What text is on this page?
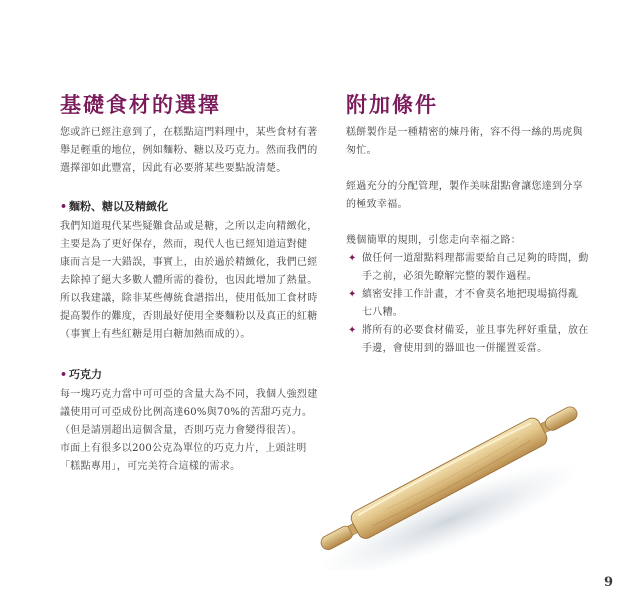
基礎食材的選擇

您或許已經注意到了，在糕點這門料理中，某些食材有著

舉足輕重的地位，例如麵粉、糖以及巧克力。然而我們的

選擇卻如此豐富，因此有必要將某些要點說清楚。

• 麵粉、糖以及精緻化

我們知道現代某些疑難食品或是糖，之所以走向精緻化，

主要是為了更好保存，然而，現代人也已經知道這對健

康而言是一大錯誤，事實上，由於過於精緻化，我們已經

去除掉了絕大多數人體所需的養份，也因此增加了熱量。

所以我建議，除非某些傳統食譜指出，使用低加工食材時

提高製作的難度，否則最好使用全麥麵粉以及真正的紅糖

（事實上有些紅糖是用白糖加熱而成的）。

• 巧克力

每一塊巧克力當中可可亞的含量大為不同，我個人強烈建

議使用可可亞成份比例高達60%與70%的苦甜巧克力。

（但是請別超出這個含量，否則巧克力會變得很苦）。

市面上有很多以200公克為單位的巧克力片，上頭註明

「糕點專用」，可完美符合這樣的需求。

附加條件

糕餅製作是一種精密的煉丹術，容不得一絲的馬虎與

匆忙。

經過充分的分配管理，製作美味甜點會讓您達到分享

的極致幸福。

幾個簡單的規則，引您走向幸福之路：

✦ 做任何一道甜點料理都需要給自己足夠的時間，動
手之前，必須先瞭解完整的製作過程。
✦ 縝密安排工作計畫，才不會莫名地把現場搞得亂
七八糟。
✦ 將所有的必要食材備妥，並且事先秤好重量，放在
手邊，會使用到的器皿也一併擺置妥當。
9
